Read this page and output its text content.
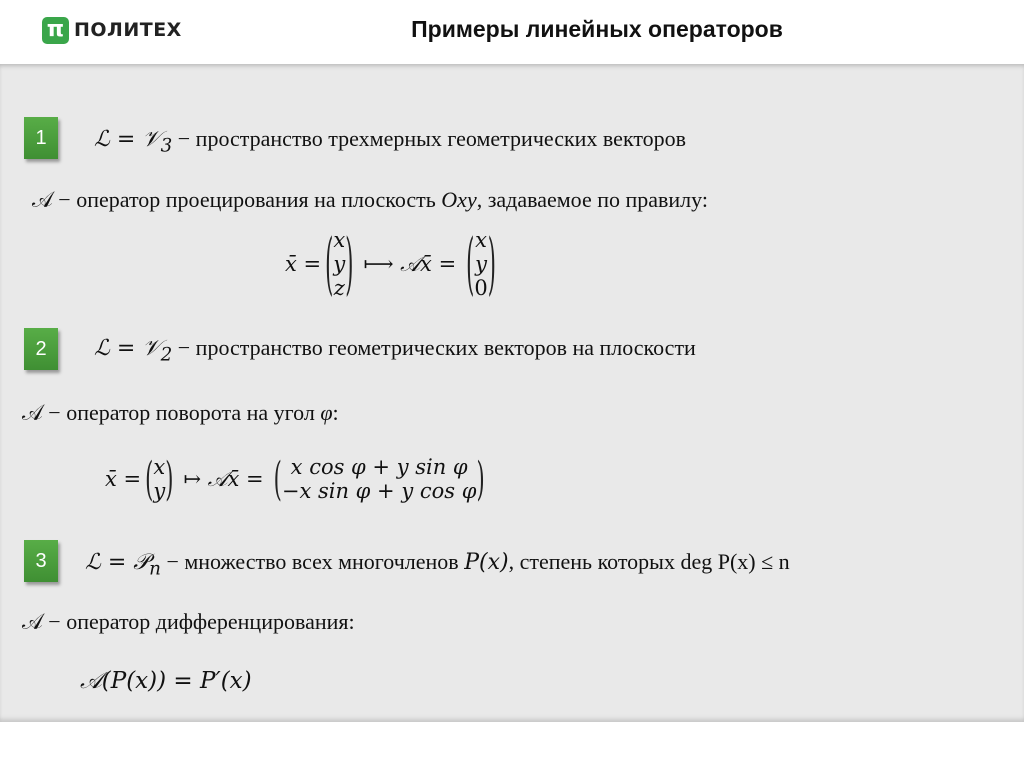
π ПОЛИТЕХ	Примеры линейных операторов
1	ℒ = 𝒱$_3$ − пространство трехмерных геометрических векторов
𝒜 − оператор проецирования на плоскость Oxy, задаваемое по правилу:
x̄ = ( x
y
z ) ⟼ 𝒜x̄ = ( x
y
0 )
2	ℒ = 𝒱$_2$ − пространство геометрических векторов на плоскости
𝒜 − оператор поворота на угол φ:
x̄ = ( x
y ) ↦ 𝒜x̄ = ( x cos φ + y sin φ
−x sin φ + y cos φ )
3	ℒ = 𝒫$_n$ − множество всех многочленов P(x), степень которых deg P(x) ≤ n
𝒜 − оператор дифференцирования:
𝒜(P(x)) = P′(x)
